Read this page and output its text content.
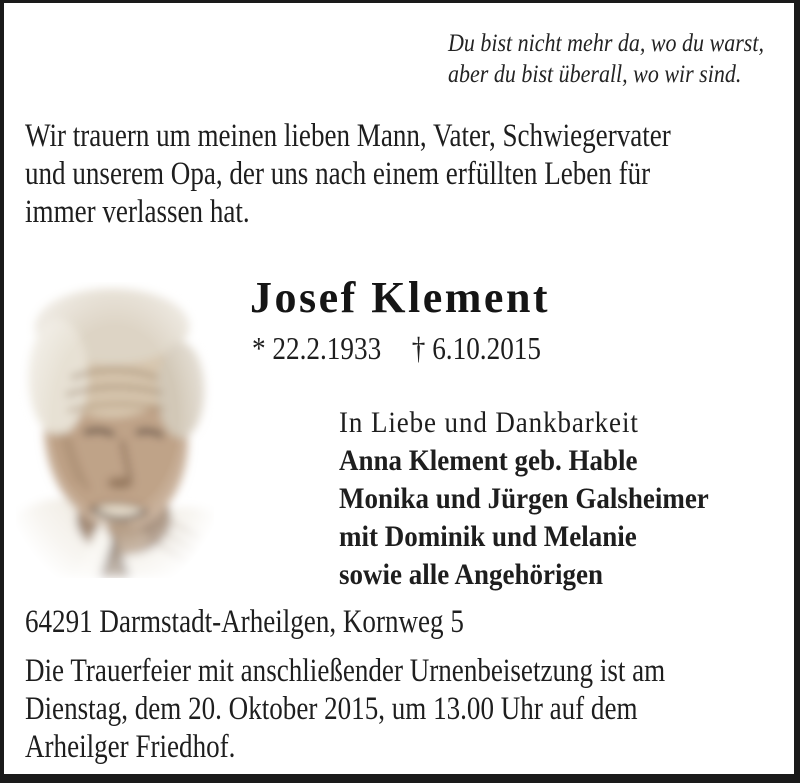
Du bist nicht mehr da, wo du warst,
aber du bist überall, wo wir sind.
Wir trauern um meinen lieben Mann, Vater, Schwiegervater
und unserem Opa, der uns nach einem erfüllten Leben für
immer verlassen hat.
Josef Klement
* 22.2.1933 † 6.10.2015
In Liebe und Dankbarkeit
Anna Klement geb. Hable
Monika und Jürgen Galsheimer
mit Dominik und Melanie
sowie alle Angehörigen
64291 Darmstadt-Arheilgen, Kornweg 5
Die Trauerfeier mit anschließender Urnenbeisetzung ist am
Dienstag, dem 20. Oktober 2015, um 13.00 Uhr auf dem
Arheilger Friedhof.
